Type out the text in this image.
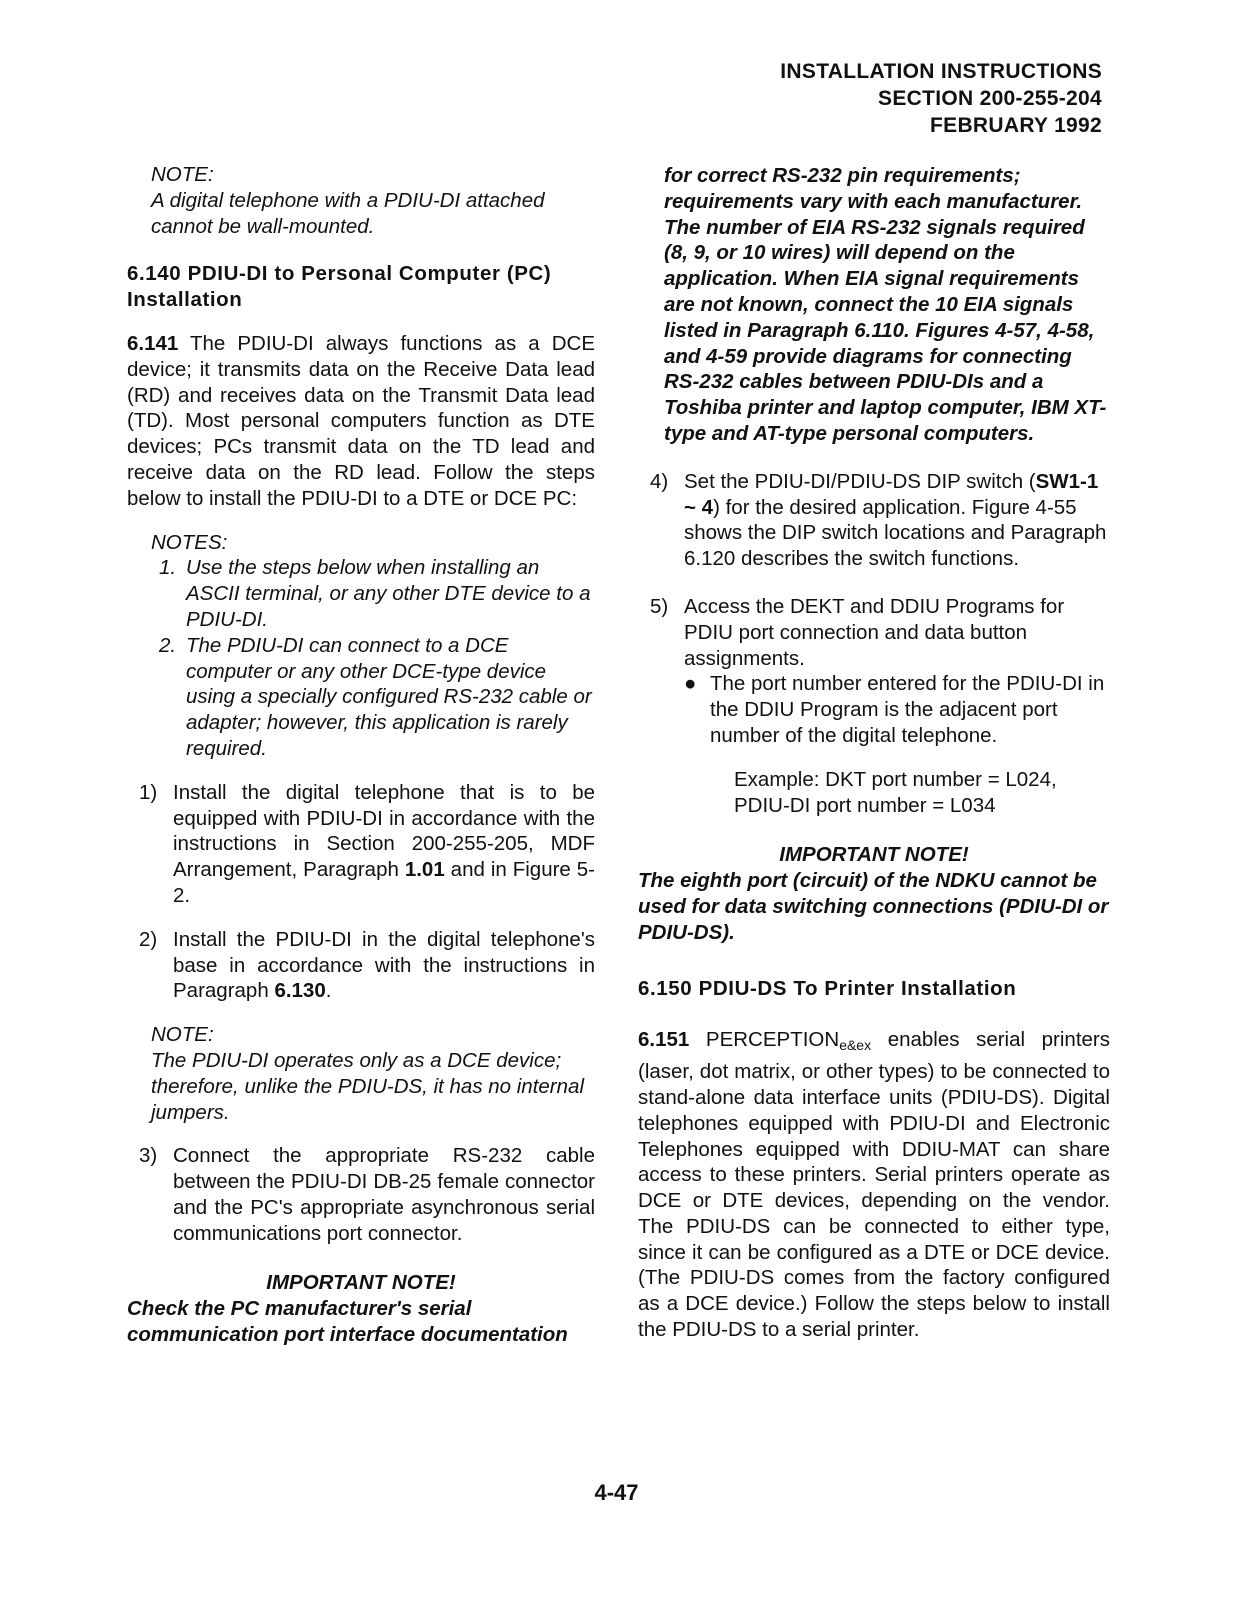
INSTALLATION INSTRUCTIONS
SECTION 200-255-204
FEBRUARY 1992
NOTE:
A digital telephone with a PDIU-DI attached cannot be wall-mounted.
6.140 PDIU-DI to Personal Computer (PC) Installation
6.141 The PDIU-DI always functions as a DCE device; it transmits data on the Receive Data lead (RD) and receives data on the Transmit Data lead (TD). Most personal computers function as DTE devices; PCs transmit data on the TD lead and receive data on the RD lead. Follow the steps below to install the PDIU-DI to a DTE or DCE PC:
NOTES:
1. Use the steps below when installing an ASCII terminal, or any other DTE device to a PDIU-DI.
2. The PDIU-DI can connect to a DCE computer or any other DCE-type device using a specially configured RS-232 cable or adapter; however, this application is rarely required.
1) Install the digital telephone that is to be equipped with PDIU-DI in accordance with the instructions in Section 200-255-205, MDF Arrangement, Paragraph 1.01 and in Figure 5-2.
2) Install the PDIU-DI in the digital telephone's base in accordance with the instructions in Paragraph 6.130.
NOTE:
The PDIU-DI operates only as a DCE device; therefore, unlike the PDIU-DS, it has no internal jumpers.
3) Connect the appropriate RS-232 cable between the PDIU-DI DB-25 female connector and the PC's appropriate asynchronous serial communications port connector.
IMPORTANT NOTE!
Check the PC manufacturer's serial communication port interface documentation
for correct RS-232 pin requirements; requirements vary with each manufacturer. The number of EIA RS-232 signals required (8, 9, or 10 wires) will depend on the application. When EIA signal requirements are not known, connect the 10 EIA signals listed in Paragraph 6.110. Figures 4-57, 4-58, and 4-59 provide diagrams for connecting RS-232 cables between PDIU-DIs and a Toshiba printer and laptop computer, IBM XT-type and AT-type personal computers.
4) Set the PDIU-DI/PDIU-DS DIP switch (SW1-1 ~ 4) for the desired application. Figure 4-55 shows the DIP switch locations and Paragraph 6.120 describes the switch functions.
5) Access the DEKT and DDIU Programs for PDIU port connection and data button assignments.
● The port number entered for the PDIU-DI in the DDIU Program is the adjacent port number of the digital telephone.
Example: DKT port number = L024, PDIU-DI port number = L034
IMPORTANT NOTE!
The eighth port (circuit) of the NDKU cannot be used for data switching connections (PDIU-DI or PDIU-DS).
6.150 PDIU-DS To Printer Installation
6.151 $PERCEPTION_{e\&ex}$ enables serial printers (laser, dot matrix, or other types) to be connected to stand-alone data interface units (PDIU-DS). Digital telephones equipped with PDIU-DI and Electronic Telephones equipped with DDIU-MAT can share access to these printers. Serial printers operate as DCE or DTE devices, depending on the vendor. The PDIU-DS can be connected to either type, since it can be configured as a DTE or DCE device. (The PDIU-DS comes from the factory configured as a DCE device.) Follow the steps below to install the PDIU-DS to a serial printer.
4-47
